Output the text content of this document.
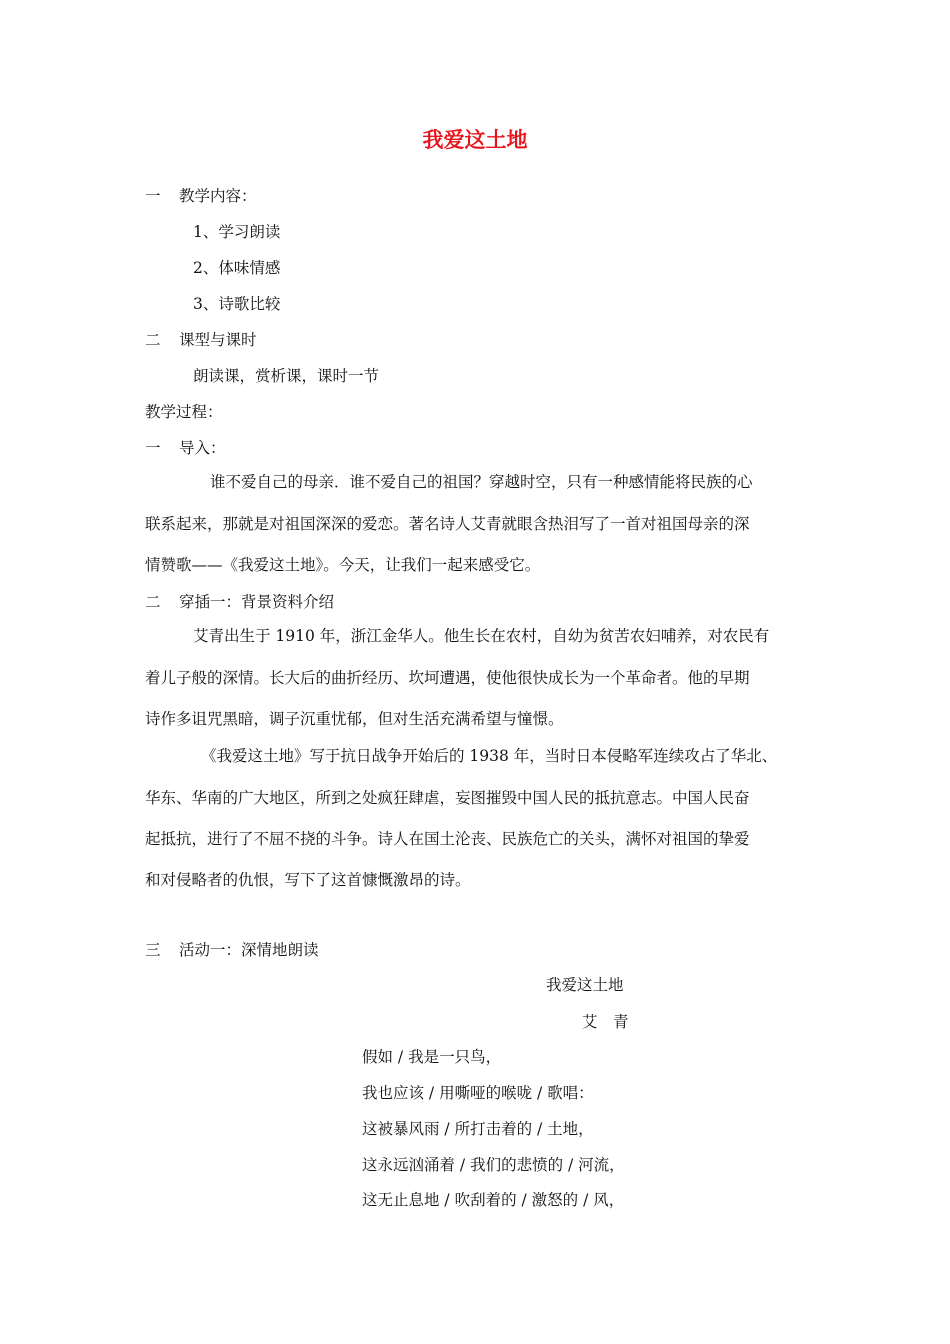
我爱这土地
一 教学内容：
1、学习朗读
2、体味情感
3、诗歌比较
二 课型与课时
朗读课，赏析课，课时一节
教学过程：
一 导入：
谁不爱自己的母亲．谁不爱自己的祖国？穿越时空，只有一种感情能将民族的心
联系起来，那就是对祖国深深的爱恋。著名诗人艾青就眼含热泪写了一首对祖国母亲的深
情赞歌——《我爱这土地》。今天，让我们一起来感受它。
二 穿插一：背景资料介绍
艾青出生于 1910 年，浙江金华人。他生长在农村，自幼为贫苦农妇哺养，对农民有
着儿子般的深情。长大后的曲折经历、坎坷遭遇，使他很快成长为一个革命者。他的早期
诗作多诅咒黑暗，调子沉重忧郁，但对生活充满希望与憧憬。
《我爱这土地》写于抗日战争开始后的 1938 年，当时日本侵略军连续攻占了华北、
华东、华南的广大地区，所到之处疯狂肆虐，妄图摧毁中国人民的抵抗意志。中国人民奋
起抵抗，进行了不屈不挠的斗争。诗人在国土沦丧、民族危亡的关头，满怀对祖国的挚爱
和对侵略者的仇恨，写下了这首慷慨激昂的诗。
三 活动一：深情地朗读
我爱这土地
艾　青
假如 / 我是一只鸟，
我也应该 / 用嘶哑的喉咙 / 歌唱：
这被暴风雨 / 所打击着的 / 土地，
这永远汹涌着 / 我们的悲愤的 / 河流，
这无止息地 / 吹刮着的 / 激怒的 / 风，
